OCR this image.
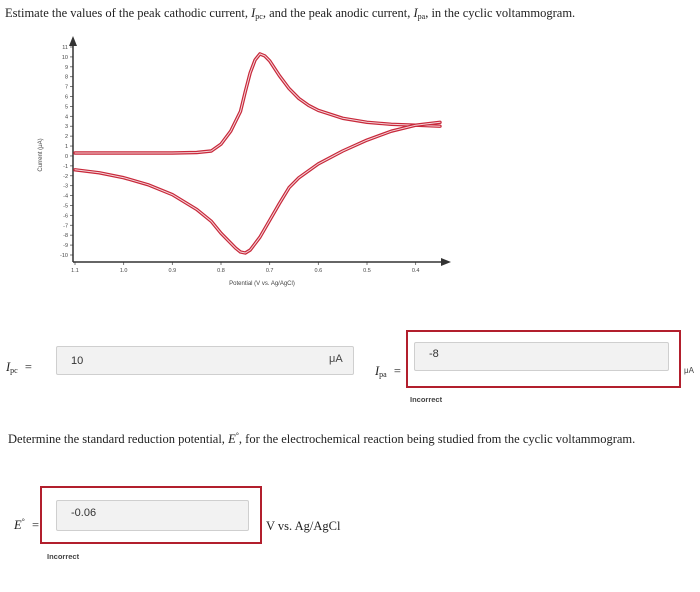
Estimate the values of the peak cathodic current, $I_{pc}$, and the peak anodic current, $I_{pa}$, in the cyclic voltammogram.
11
10
9
8
7
6
5
4
3
2
1
0
-1
-2
-3
-4
-5
-6
-7
-8
-9
-10
1.1	1.0	0.9	0.8	0.7	0.6	0.5	0.4
Current (μA)
Potential (V vs. Ag/AgCl)
$I_{pc}$ =	10	μA
$I_{pa}$ =
-8
μA
Incorrect
Determine the standard reduction potential, E°, for the electrochemical reaction being studied from the cyclic voltammogram.
E° =
-0.06
V vs. Ag/AgCl
Incorrect
